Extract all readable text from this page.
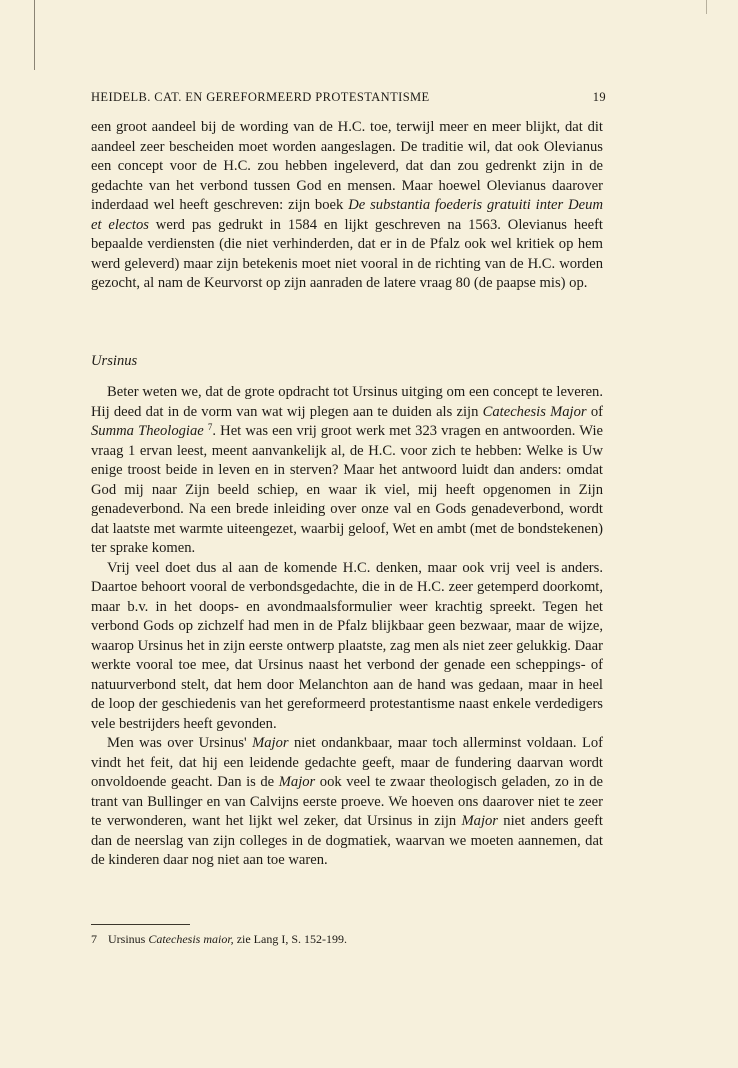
HEIDELB. CAT. EN GEREFORMEERD PROTESTANTISME	19

een groot aandeel bij de wording van de H.C. toe, terwijl meer en meer blijkt, dat dit aandeel zeer bescheiden moet worden aangeslagen. De traditie wil, dat ook Olevianus een concept voor de H.C. zou hebben ingeleverd, dat dan zou gedrenkt zijn in de gedachte van het verbond tussen God en mensen. Maar hoewel Olevianus daarover inderdaad wel heeft geschreven: zijn boek De substantia foederis gratuiti inter Deum et electos werd pas gedrukt in 1584 en lijkt geschreven na 1563. Olevianus heeft bepaalde verdiensten (die niet verhinderden, dat er in de Pfalz ook wel kritiek op hem werd geleverd) maar zijn betekenis moet niet vooral in de richting van de H.C. worden gezocht, al nam de Keurvorst op zijn aanraden de latere vraag 80 (de paapse mis) op.

Ursinus

Beter weten we, dat de grote opdracht tot Ursinus uitging om een concept te leveren. Hij deed dat in de vorm van wat wij plegen aan te duiden als zijn Catechesis Major of Summa Theologiae $^7$. Het was een vrij groot werk met 323 vragen en antwoorden. Wie vraag 1 ervan leest, meent aanvankelijk al, de H.C. voor zich te hebben: Welke is Uw enige troost beide in leven en in sterven? Maar het antwoord luidt dan anders: omdat God mij naar Zijn beeld schiep, en waar ik viel, mij heeft opgenomen in Zijn genadeverbond. Na een brede inleiding over onze val en Gods genadeverbond, wordt dat laatste met warmte uiteengezet, waarbij geloof, Wet en ambt (met de bondstekenen) ter sprake komen.

Vrij veel doet dus al aan de komende H.C. denken, maar ook vrij veel is anders. Daartoe behoort vooral de verbondsgedachte, die in de H.C. zeer getemperd doorkomt, maar b.v. in het doops- en avondmaalsformulier weer krachtig spreekt. Tegen het verbond Gods op zichzelf had men in de Pfalz blijkbaar geen bezwaar, maar de wijze, waarop Ursinus het in zijn eerste ontwerp plaatste, zag men als niet zeer gelukkig. Daar werkte vooral toe mee, dat Ursinus naast het verbond der genade een scheppings- of natuurverbond stelt, dat hem door Melanchton aan de hand was gedaan, maar in heel de loop der geschiedenis van het gereformeerd protestantisme naast enkele verdedigers vele bestrijders heeft gevonden.

Men was over Ursinus' Major niet ondankbaar, maar toch allerminst voldaan. Lof vindt het feit, dat hij een leidende gedachte geeft, maar de fundering daarvan wordt onvoldoende geacht. Dan is de Major ook veel te zwaar theologisch geladen, zo in de trant van Bullinger en van Calvijns eerste proeve. We hoeven ons daarover niet te zeer te verwonderen, want het lijkt wel zeker, dat Ursinus in zijn Major niet anders geeft dan de neerslag van zijn colleges in de dogmatiek, waarvan we moeten aannemen, dat de kinderen daar nog niet aan toe waren.

7 Ursinus Catechesis maior, zie Lang I, S. 152-199.
